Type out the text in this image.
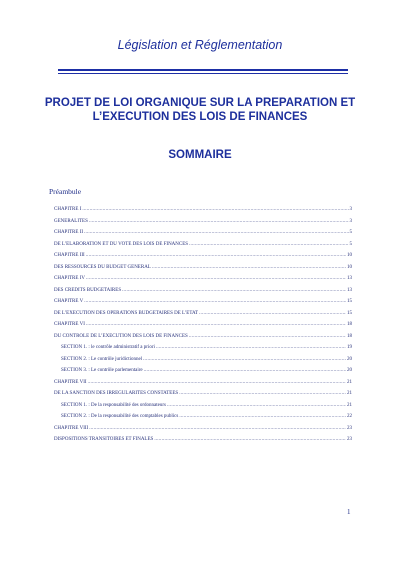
Législation et Réglementation
PROJET DE LOI ORGANIQUE SUR LA PREPARATION ET
L’EXECUTION DES LOIS DE FINANCES
SOMMAIRE
Préambule
CHAPITRE I .....	3
GENERALITES .....	3
CHAPITRE II .....	5
DE L’ELABORATION ET DU VOTE DES LOIS DE FINANCES .....	5
CHAPITRE III .....	10
DES RESSOURCES DU BUDGET GENERAL .....	10
CHAPITRE IV .....	13
DES CREDITS BUDGETAIRES .....	13
CHAPITRE V .....	15
DE L’EXECUTION DES OPERATIONS BUDGETAIRES DE L’ETAT .....	15
CHAPITRE VI .....	18
DU CONTROLE DE L’EXECUTION DES LOIS DE FINANCES .....	18
SECTION 1. : le contrôle administratif a priori .....	19
SECTION 2. : Le contrôle juridictionnel .....	20
SECTION 3. : Le contrôle parlementaire .....	20
CHAPITRE VII .....	21
DE LA SANCTION DES IRREGULARITES CONSTATEES .....	21
SECTION 1. : De la responsabilité des ordonnateurs .....	21
SECTION 2. : De la responsabilité des comptables publics .....	22
CHAPITRE VIII .....	23
DISPOSITIONS TRANSITOIRES ET FINALES .....	23
1
